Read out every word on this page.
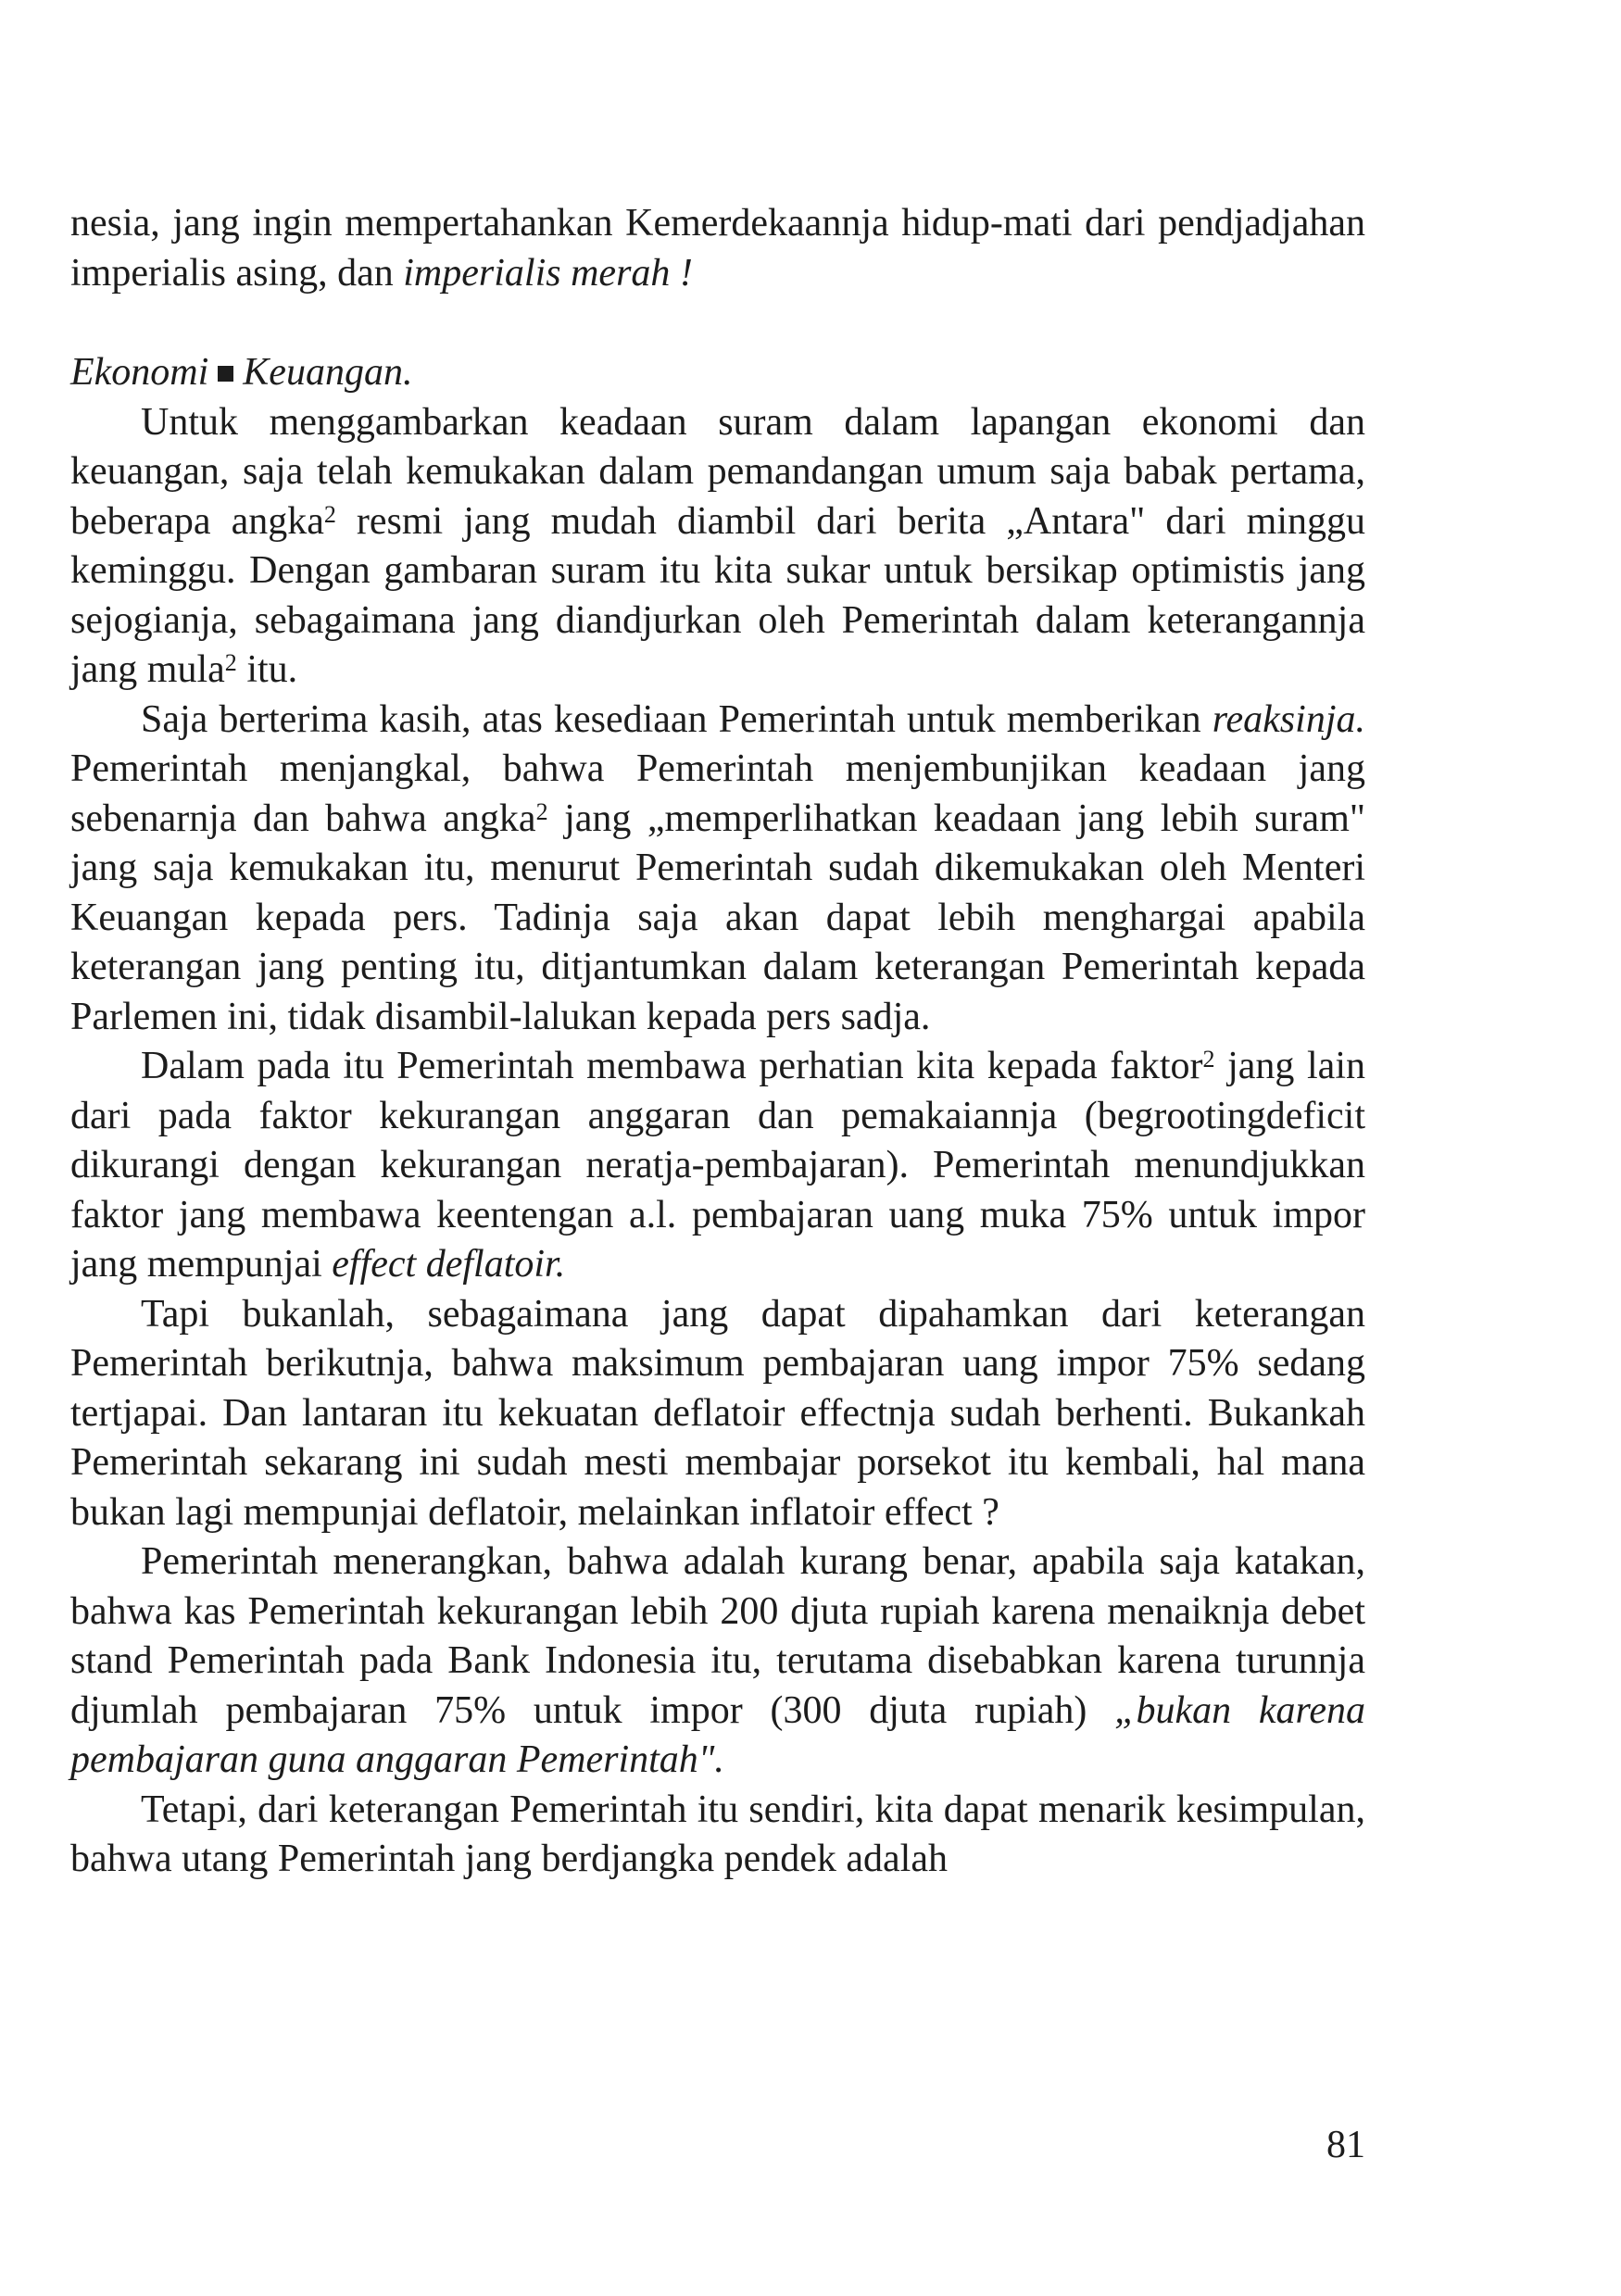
nesia, jang ingin mempertahankan Kemerdekaannja hidup-mati dari pendjadjahan imperialis asing, dan imperialis merah !

Ekonomi Keuangan.

Untuk menggambarkan keadaan suram dalam lapangan ekonomi dan keuangan, saja telah kemukakan dalam pemandangan umum saja babak pertama, beberapa angka$^2$ resmi jang mudah diambil dari berita „Antara" dari minggu keminggu. Dengan gambaran suram itu kita sukar untuk bersikap optimistis jang sejogianja, sebagaimana jang diandjurkan oleh Pemerintah dalam keterangannja jang mula$^2$ itu.

Saja berterima kasih, atas kesediaan Pemerintah untuk memberikan reaksinja. Pemerintah menjangkal, bahwa Pemerintah menjembunjikan keadaan jang sebenarnja dan bahwa angka$^2$ jang „memperlihatkan keadaan jang lebih suram" jang saja kemukakan itu, menurut Pemerintah sudah dikemukakan oleh Menteri Keuangan kepada pers. Tadinja saja akan dapat lebih menghargai apabila keterangan jang penting itu, ditjantumkan dalam keterangan Pemerintah kepada Parlemen ini, tidak disambil-lalukan kepada pers sadja.

Dalam pada itu Pemerintah membawa perhatian kita kepada faktor$^2$ jang lain dari pada faktor kekurangan anggaran dan pemakaiannja (begrootingdeficit dikurangi dengan kekurangan neratja-pembajaran). Pemerintah menundjukkan faktor jang membawa keentengan a.l. pembajaran uang muka 75% untuk impor jang mempunjai effect deflatoir.

Tapi bukanlah, sebagaimana jang dapat dipahamkan dari keterangan Pemerintah berikutnja, bahwa maksimum pembajaran uang impor 75% sedang tertjapai. Dan lantaran itu kekuatan deflatoir effectnja sudah berhenti. Bukankah Pemerintah sekarang ini sudah mesti membajar porsekot itu kembali, hal mana bukan lagi mempunjai deflatoir, melainkan inflatoir effect ?

Pemerintah menerangkan, bahwa adalah kurang benar, apabila saja katakan, bahwa kas Pemerintah kekurangan lebih 200 djuta rupiah karena menaiknja debet stand Pemerintah pada Bank Indonesia itu, terutama disebabkan karena turunnja djumlah pembajaran 75% untuk impor (300 djuta rupiah) „bukan karena pembajaran guna anggaran Pemerintah".

Tetapi, dari keterangan Pemerintah itu sendiri, kita dapat menarik kesimpulan, bahwa utang Pemerintah jang berdjangka pendek adalah

81
